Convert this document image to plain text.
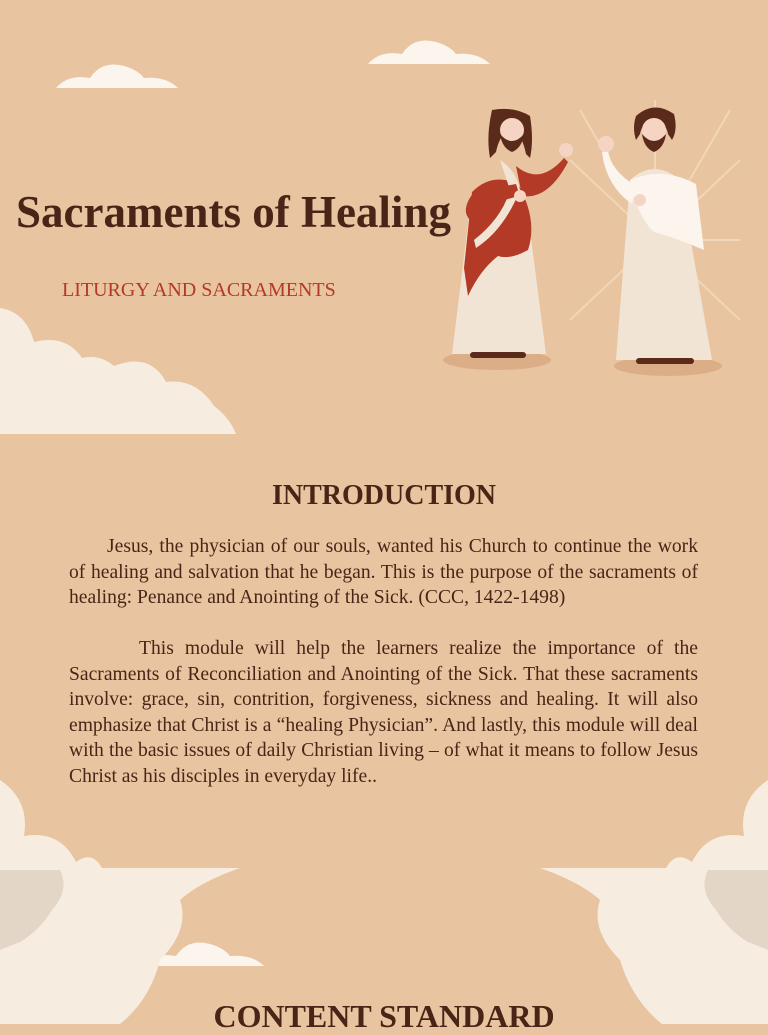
Sacraments of Healing

LITURGY AND SACRAMENTS

INTRODUCTION

Jesus, the physician of our souls, wanted his Church to continue the work of healing and salvation that he began. This is the purpose of the sacraments of healing: Penance and Anointing of the Sick. (CCC, 1422-1498)

This module will help the learners realize the importance of the Sacraments of Reconciliation and Anointing of the Sick. That these sacraments involve: grace, sin, contrition, forgiveness, sickness and healing. It will also emphasize that Christ is a “healing Physician”. And lastly, this module will deal with the basic issues of daily Christian living – of what it means to follow Jesus Christ as his disciples in everyday life..

CONTENT STANDARD
